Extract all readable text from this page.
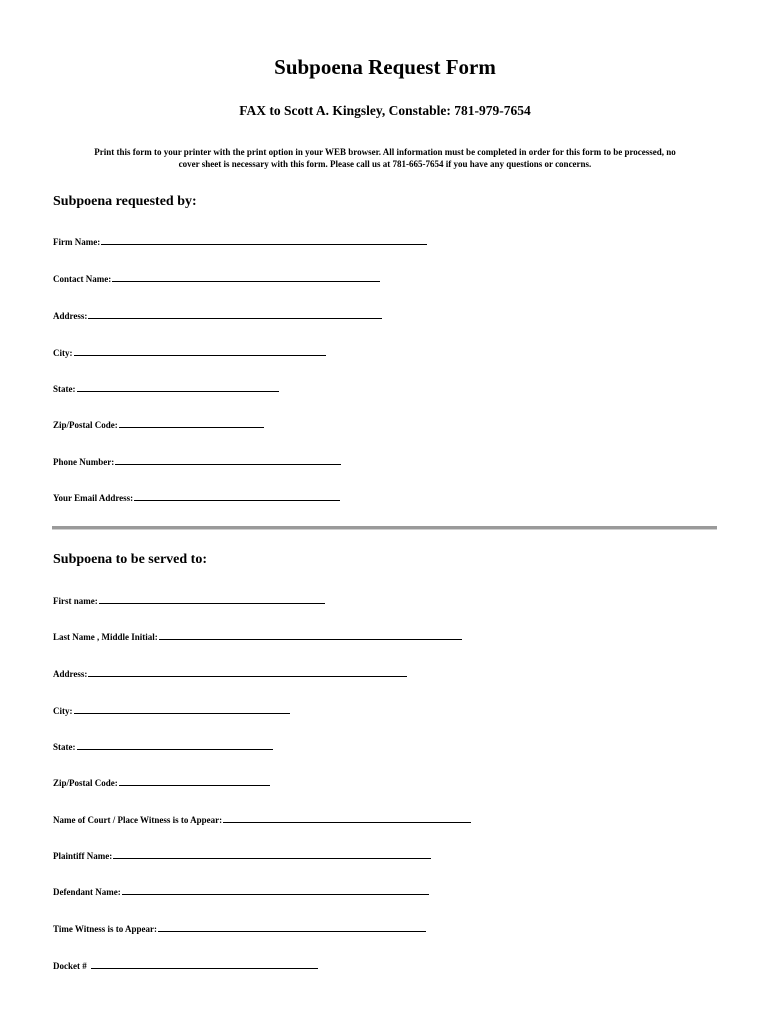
Subpoena Request Form
FAX to Scott A. Kingsley, Constable: 781-979-7654
Print this form to your printer with the print option in your WEB browser. All information must be completed in order for this form to be processed, no
cover sheet is necessary with this form. Please call us at 781-665-7654 if you have any questions or concerns.
Subpoena requested by:
Firm Name:
Contact Name:
Address:
City:
State:
Zip/Postal Code:
Phone Number:
Your Email Address:
Subpoena to be served to:
First name:
Last Name , Middle Initial:
Address:
City:
State:
Zip/Postal Code:
Name of Court / Place Witness is to Appear:
Plaintiff Name:
Defendant Name:
Time Witness is to Appear:
Docket #
